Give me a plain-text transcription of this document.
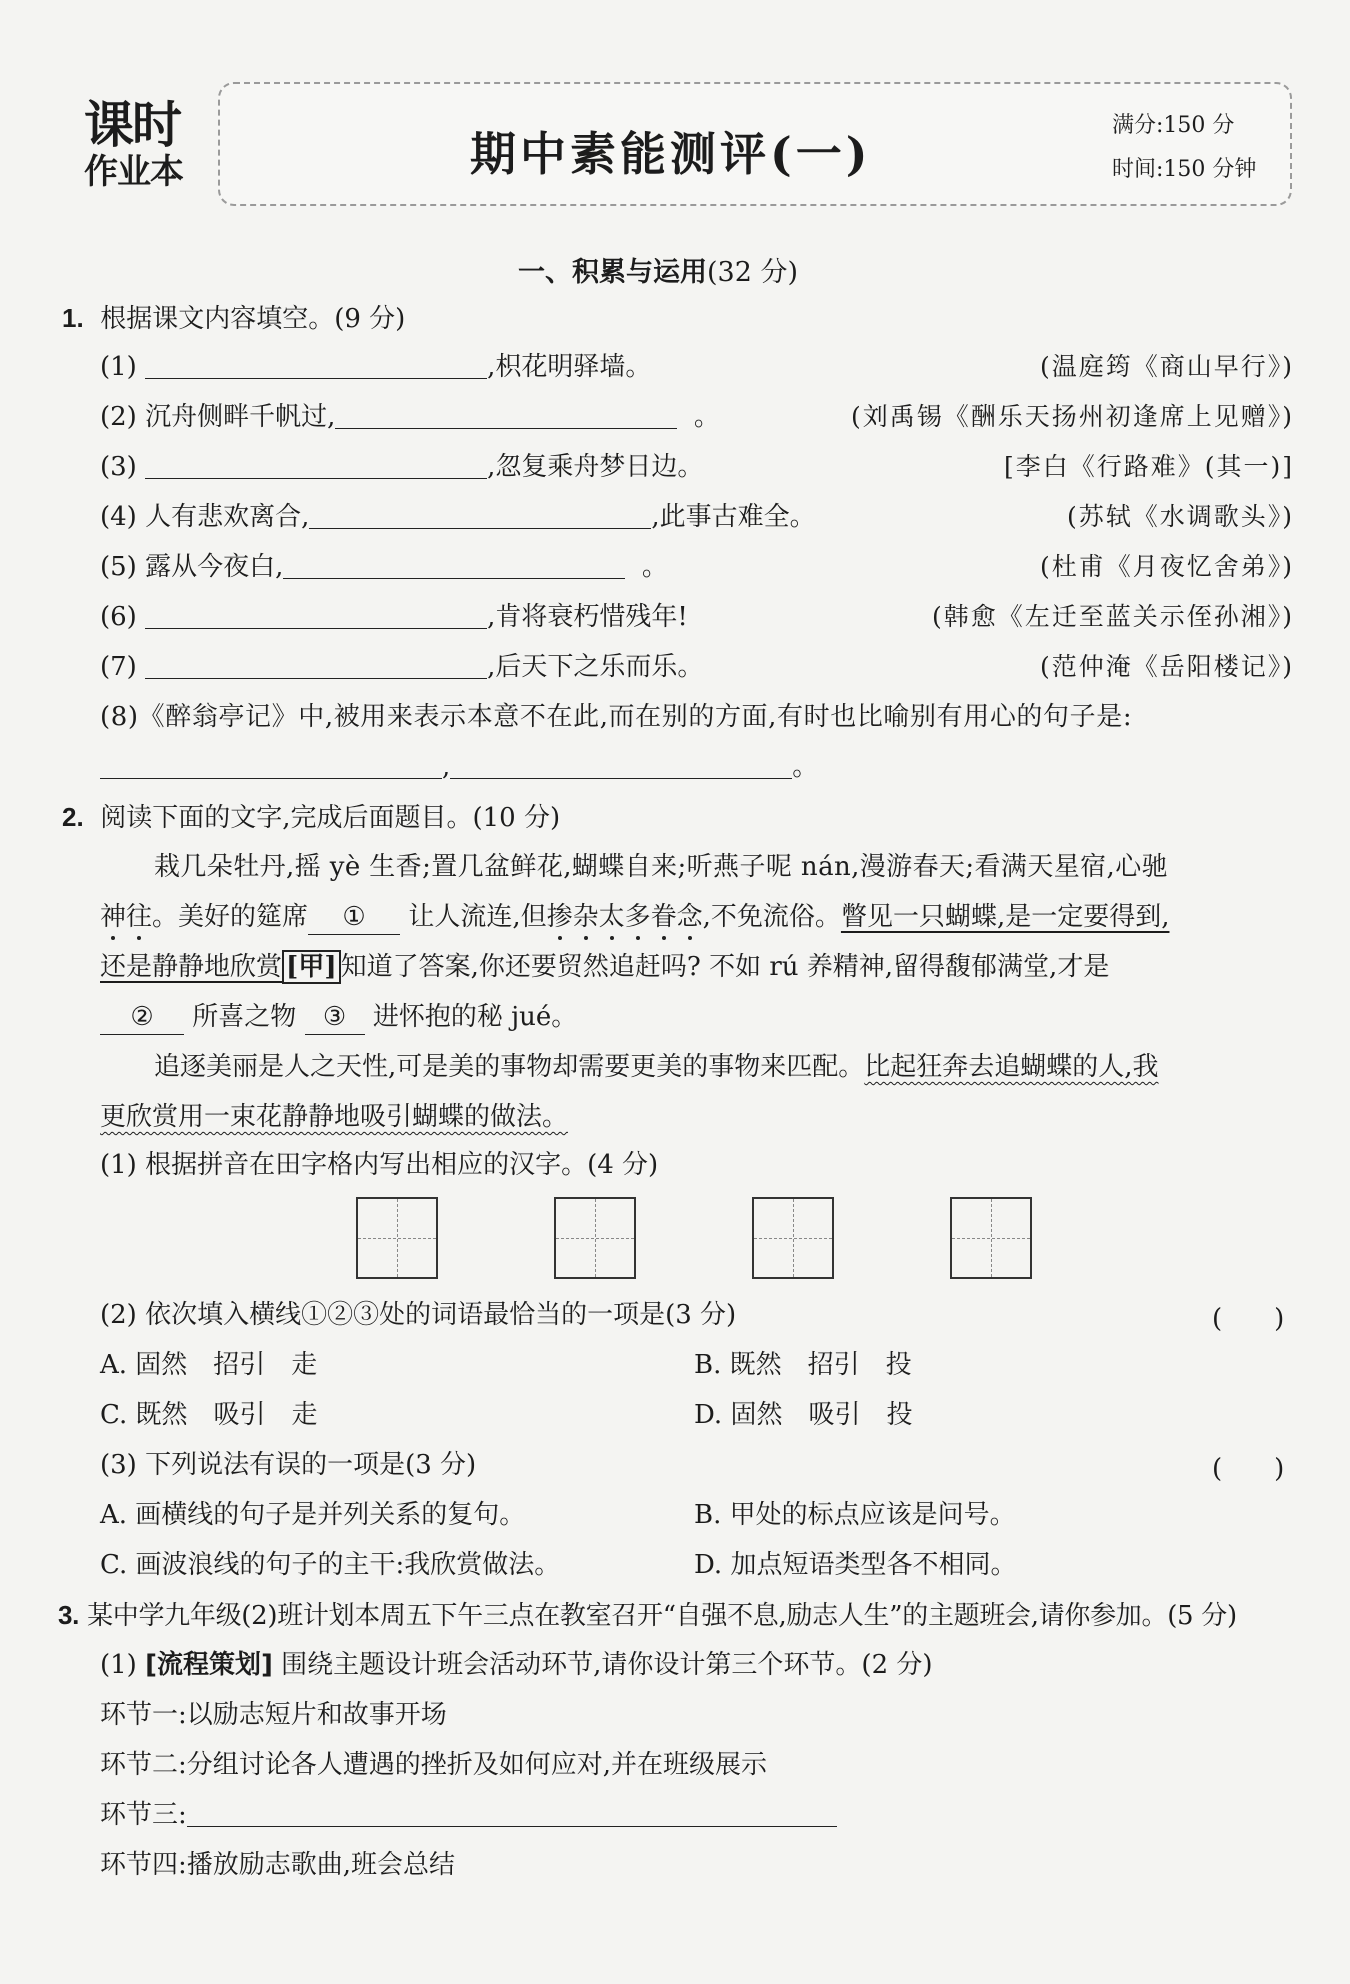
课时
作业本	期中素能测评(一)
满分:150 分
时间:150 分钟
一、积累与运用(32 分)
1. 根据课文内容填空。(9 分)
(1)	,枳花明驿墙。	(温庭筠《商山早行》)
(2) 沉舟侧畔千帆过,	。	(刘禹锡《酬乐天扬州初逢席上见赠》)
(3)	,忽复乘舟梦日边。	[李白《行路难》(其一)]
(4) 人有悲欢离合,	,此事古难全。	(苏轼《水调歌头》)
(5) 露从今夜白,	。	(杜甫《月夜忆舍弟》)
(6)	,肯将衰朽惜残年!	(韩愈《左迁至蓝关示侄孙湘》)
(7)	,后天下之乐而乐。	(范仲淹《岳阳楼记》)
(8)《醉翁亭记》中,被用来表示本意不在此,而在别的方面,有时也比喻别有用心的句子是:
,	。
2. 阅读下面的文字,完成后面题目。(10 分)
栽几朵牡丹,摇 yè 生香;置几盆鲜花,蝴蝶自来;听燕子呢 nán,漫游春天;看满天星宿,心驰
神往。美好的筵席 ① 让人流连,但掺杂太多眷念,不免流俗。瞥见一只蝴蝶,是一定要得到,
还是静静地欣赏 [甲] 知道了答案,你还要贸然追赶吗? 不如 rú 养精神,留得馥郁满堂,才是
② 所喜之物 ③ 进怀抱的秘 jué。
追逐美丽是人之天性,可是美的事物却需要更美的事物来匹配。比起狂奔去追蝴蝶的人,我
更欣赏用一束花静静地吸引蝴蝶的做法。
(1) 根据拼音在田字格内写出相应的汉字。(4 分)
(2) 依次填入横线①②③处的词语最恰当的一项是(3 分)	(　　)
A. 固然　招引　走	B. 既然　招引　投
C. 既然　吸引　走	D. 固然　吸引　投
(3) 下列说法有误的一项是(3 分)	(　　)
A. 画横线的句子是并列关系的复句。	B. 甲处的标点应该是问号。
C. 画波浪线的句子的主干:我欣赏做法。	D. 加点短语类型各不相同。
3. 某中学九年级(2)班计划本周五下午三点在教室召开“自强不息,励志人生”的主题班会,请你参加。(5 分)
(1) [流程策划] 围绕主题设计班会活动环节,请你设计第三个环节。(2 分)
环节一:以励志短片和故事开场
环节二:分组讨论各人遭遇的挫折及如何应对,并在班级展示
环节三:
环节四:播放励志歌曲,班会总结
